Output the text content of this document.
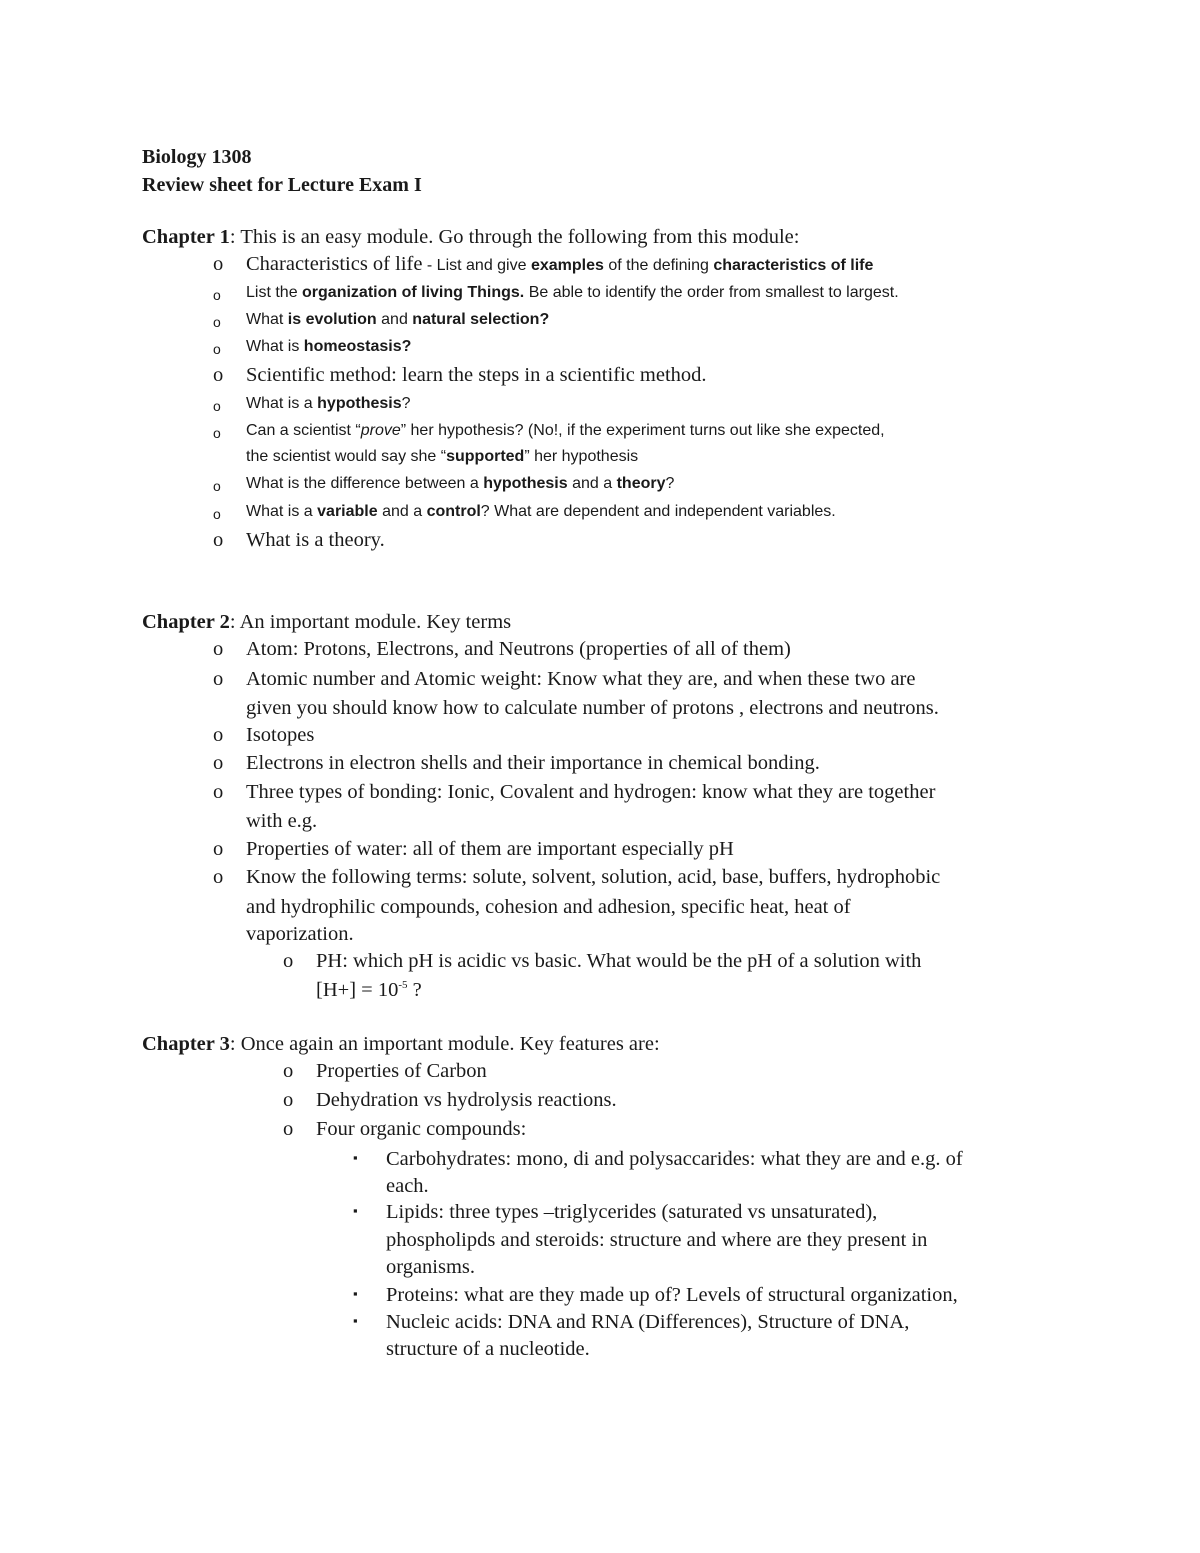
Biology 1308
Review sheet for Lecture Exam I
Chapter 1: This is an easy module. Go through the following from this module:
o Characteristics of life - List and give examples of the defining characteristics of life
o List the organization of living Things. Be able to identify the order from smallest to largest.
o What is evolution and natural selection?
o What is homeostasis?
o Scientific method: learn the steps in a scientific method.
o What is a hypothesis?
o Can a scientist “prove” her hypothesis? (No!, if the experiment turns out like she expected,
the scientist would say she “supported” her hypothesis
o What is the difference between a hypothesis and a theory?
o What is a variable and a control? What are dependent and independent variables.
o What is a theory.
Chapter 2: An important module. Key terms
o Atom: Protons, Electrons, and Neutrons (properties of all of them)
o Atomic number and Atomic weight: Know what they are, and when these two are
given you should know how to calculate number of protons , electrons and neutrons.
o Isotopes
o Electrons in electron shells and their importance in chemical bonding.
o Three types of bonding: Ionic, Covalent and hydrogen: know what they are together
with e.g.
o Properties of water: all of them are important especially pH
o Know the following terms: solute, solvent, solution, acid, base, buffers, hydrophobic
and hydrophilic compounds, cohesion and adhesion, specific heat, heat of
vaporization.
o PH: which pH is acidic vs basic. What would be the pH of a solution with
$[H+] = 10^{-5}$ ?
Chapter 3: Once again an important module. Key features are:
o Properties of Carbon
o Dehydration vs hydrolysis reactions.
o Four organic compounds:
▪ Carbohydrates: mono, di and polysaccarides: what they are and e.g. of
each.
▪ Lipids: three types –triglycerides (saturated vs unsaturated),
phospholipds and steroids: structure and where are they present in
organisms.
▪ Proteins: what are they made up of? Levels of structural organization,
▪ Nucleic acids: DNA and RNA (Differences), Structure of DNA,
structure of a nucleotide.
